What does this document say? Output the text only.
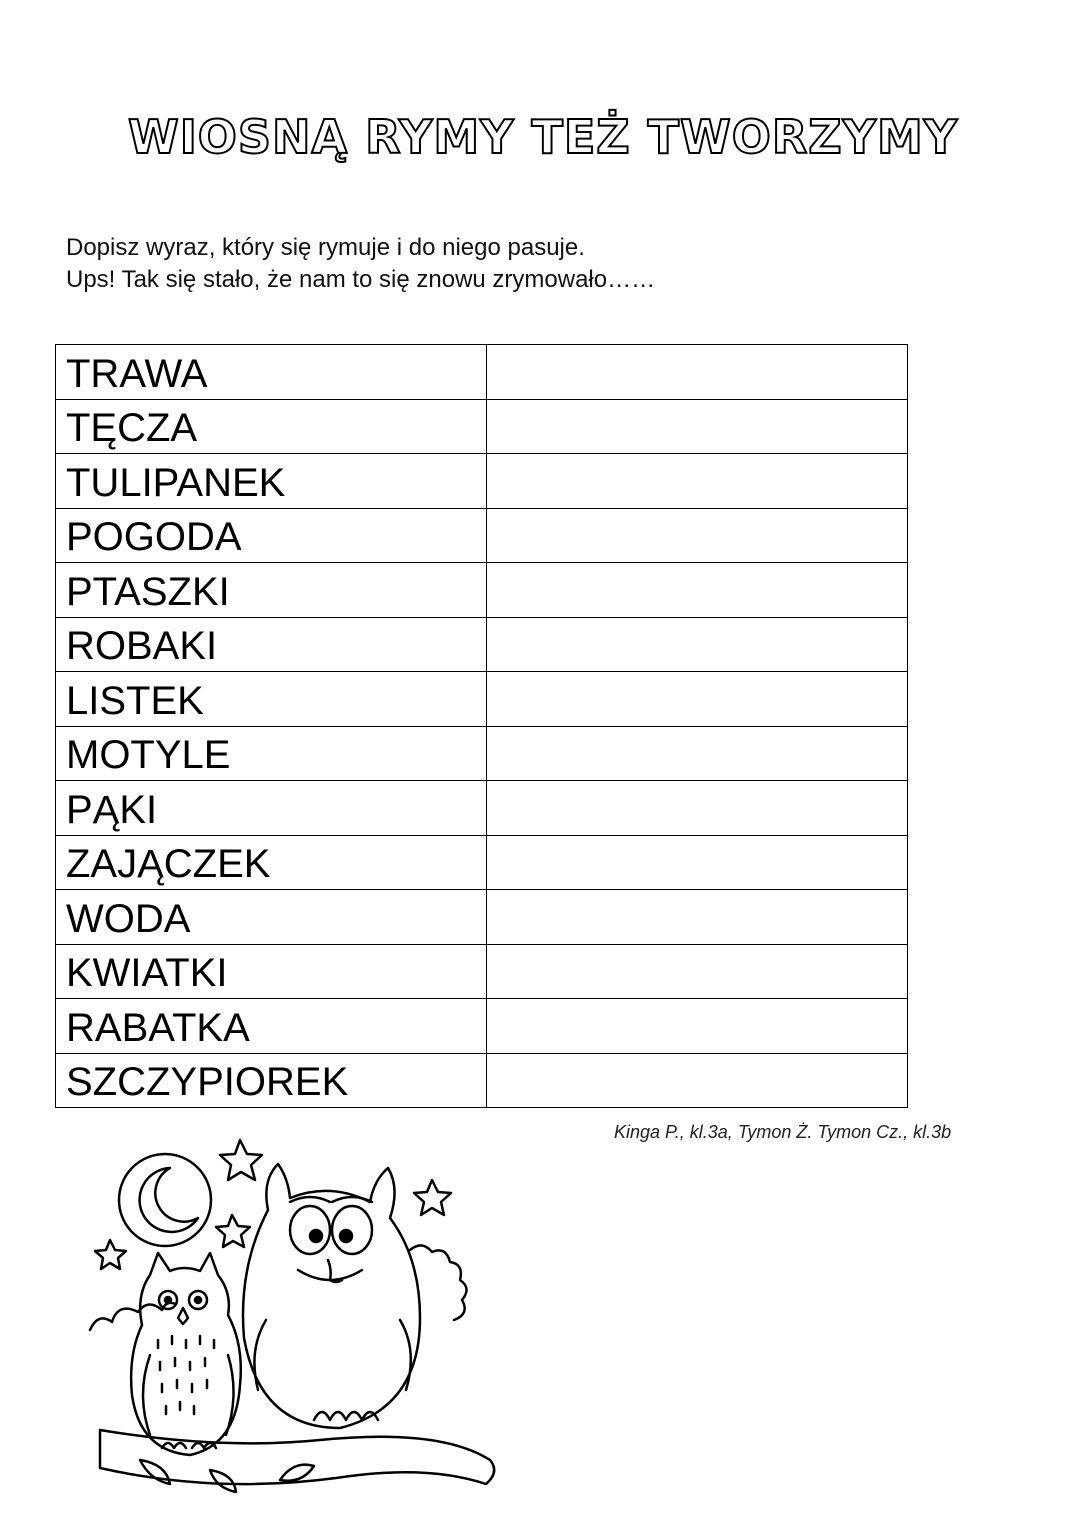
WIOSNĄ RYMY TEŻ TWORZYMY
Dopisz wyraz, który się rymuje i do niego pasuje.
Ups! Tak się stało, że nam to się znowu zrymowało……
TRAWA	
TĘCZA	
TULIPANEK	
POGODA	
PTASZKI	
ROBAKI	
LISTEK	
MOTYLE	
PĄKI	
ZAJĄCZEK	
WODA	
KWIATKI	
RABATKA	
SZCZYPIOREK	
Kinga P., kl.3a, Tymon Ż. Tymon Cz., kl.3b
